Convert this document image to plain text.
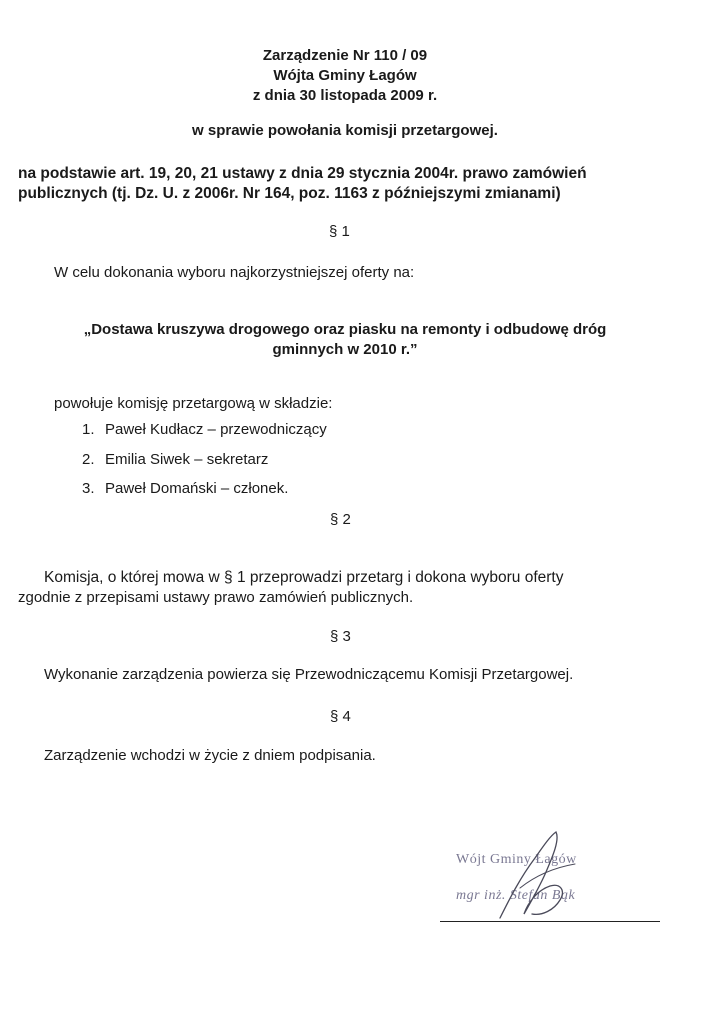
Zarządzenie Nr 110 / 09

Wójta Gminy Łagów

z dnia 30 listopada 2009 r.

w sprawie powołania komisji przetargowej.

na podstawie art. 19, 20, 21 ustawy z dnia 29 stycznia 2004r. prawo zamówień

publicznych (tj. Dz. U. z 2006r. Nr 164, poz. 1163 z późniejszymi zmianami)

§ 1

W celu dokonania wyboru najkorzystniejszej oferty na:

„Dostawa kruszywa drogowego oraz piasku na remonty i odbudowę dróg

gminnych w 2010 r.”

powołuje komisję przetargową w składzie:

1. Paweł Kudłacz – przewodniczący
2. Emilia Siwek – sekretarz
3. Paweł Domański – członek.

§ 2

Komisja, o której mowa w § 1 przeprowadzi przetarg i dokona wyboru oferty

zgodnie z przepisami ustawy prawo zamówień publicznych.

§ 3

Wykonanie zarządzenia powierza się Przewodniczącemu Komisji Przetargowej.

§ 4

Zarządzenie wchodzi w życie z dniem podpisania.

Wójt Gminy Łagów
mgr inż. Stefan Bąk
